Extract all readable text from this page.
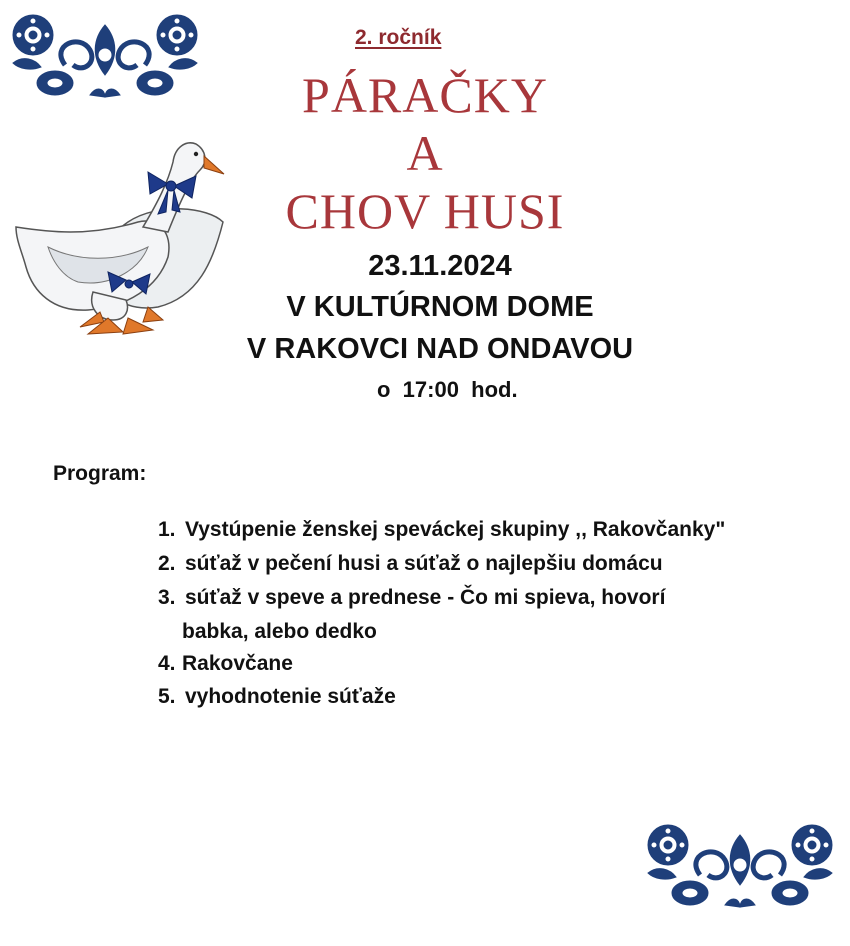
2. ročník
PÁRAČKY
A
CHOV HUSI
23.11.2024
V KULTÚRNOM DOME
V RAKOVCI NAD ONDAVOU
o  17:00  hod.
Program:
1. Vystúpenie ženskej speváckej skupiny ,, Rakovčanky"
2. súťaž v pečení husi a súťaž o najlepšiu domácu
3. súťaž v speve a prednese - Čo mi spieva, hovorí
babka, alebo dedko
4. Rakovčane
5. vyhodnotenie súťaže
